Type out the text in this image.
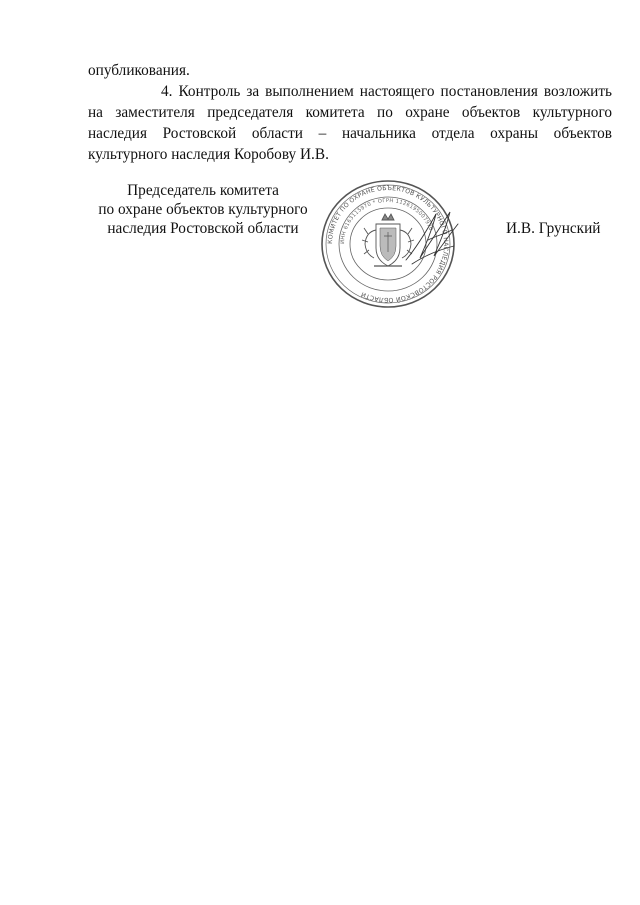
опубликования.
4. Контроль за выполнением настоящего постановления возложить на заместителя председателя комитета по охране объектов культурного наследия Ростовской области – начальника отдела охраны объектов культурного наследия Коробову И.В.
Председатель комитета
по охране объектов культурного
наследия Ростовской области
КОМИТЕТ ПО ОХРАНЕ ОБЪЕКТОВ КУЛЬТУРНОГО НАСЛЕДИЯ РОСТОВСКОЙ ОБЛАСТИ
ИНН 6163115970 * ОГРН 1126195007970	И.В. Грунский
